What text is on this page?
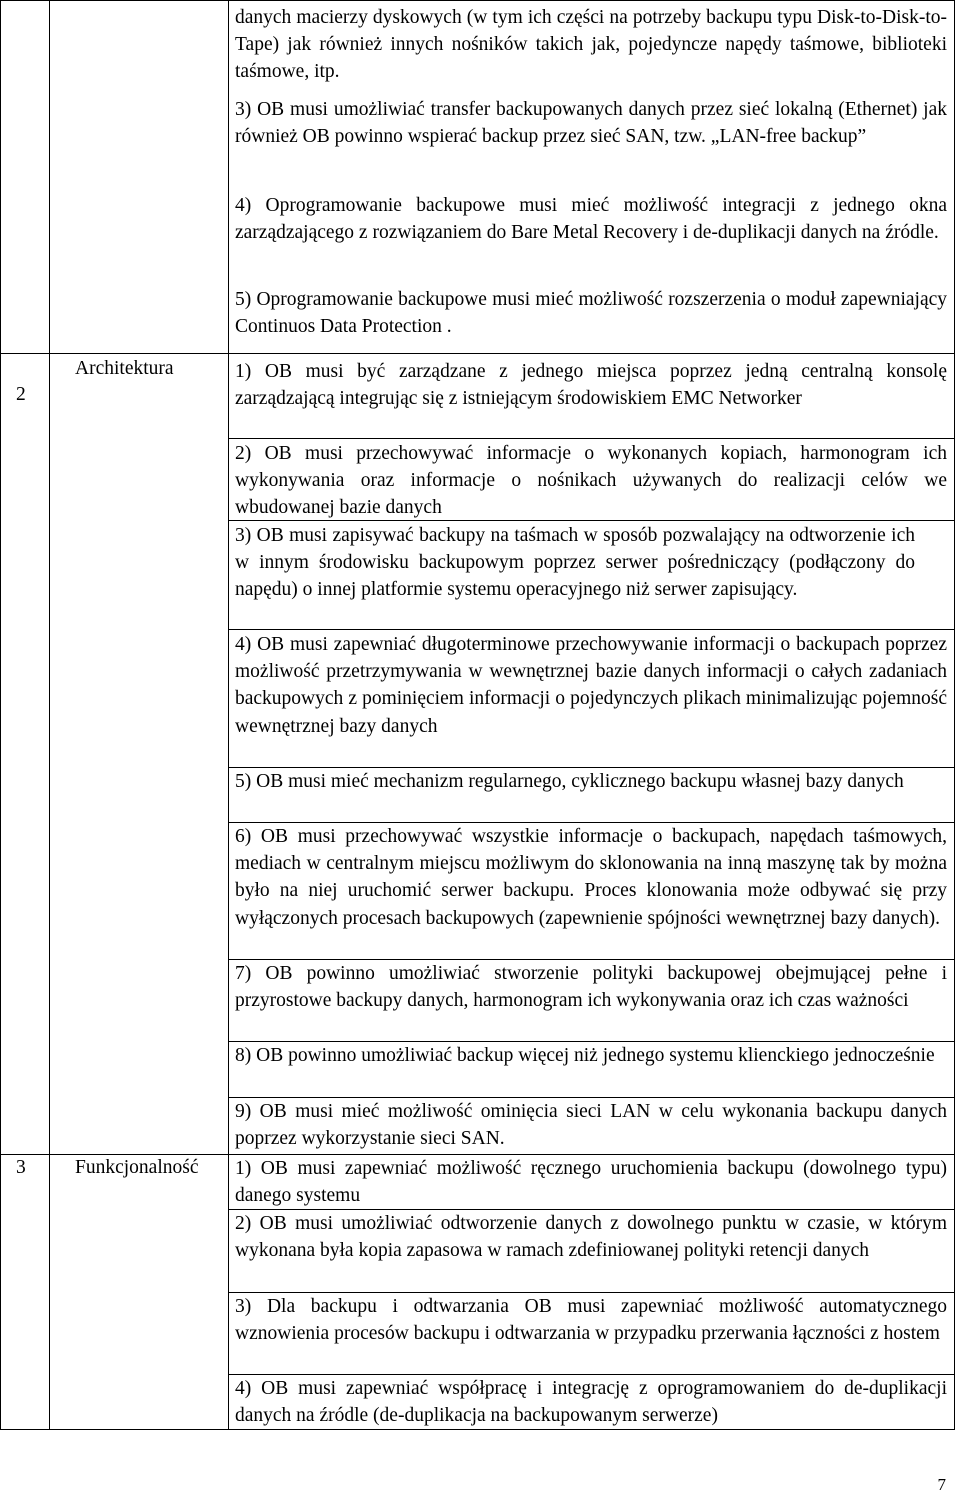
danych macierzy dyskowych (w tym ich części na potrzeby backupu typu Disk-to-Disk-to-Tape) jak również innych nośników takich jak, pojedyncze napędy taśmowe, biblioteki taśmowe, itp.

3) OB musi umożliwiać transfer backupowanych danych przez sieć lokalną (Ethernet) jak również OB powinno wspierać backup przez sieć SAN, tzw. „LAN-free backup”

4) Oprogramowanie backupowe musi mieć możliwość integracji z jednego okna zarządzającego z rozwiązaniem do Bare Metal Recovery i de-duplikacji danych na źródle.

5) Oprogramowanie backupowe musi mieć możliwość rozszerzenia o moduł zapewniający Continuos Data Protection .

2
Architektura	1) OB musi być zarządzane z jednego miejsca poprzez jedną centralną konsolę zarządzającą integrując się z istniejącym środowiskiem EMC Networker

2) OB musi przechowywać informacje o wykonanych kopiach, harmonogram ich wykonywania oraz informacje o nośnikach używanych do realizacji celów we wbudowanej bazie danych

3) OB musi zapisywać backupy na taśmach w sposób pozwalający na odtworzenie ich w innym środowisku backupowym poprzez serwer pośredniczący (podłączony do napędu) o innej platformie systemu operacyjnego niż serwer zapisujący.

4) OB musi zapewniać długoterminowe przechowywanie informacji o backupach poprzez możliwość przetrzymywania w wewnętrznej bazie danych informacji o całych zadaniach backupowych z pominięciem informacji o pojedynczych plikach minimalizując pojemność wewnętrznej bazy danych

5) OB musi mieć mechanizm regularnego, cyklicznego backupu własnej bazy danych

6) OB musi przechowywać wszystkie informacje o backupach, napędach taśmowych, mediach w centralnym miejscu możliwym do sklonowania na inną maszynę tak by można było na niej uruchomić serwer backupu. Proces klonowania może odbywać się przy wyłączonych procesach backupowych (zapewnienie spójności wewnętrznej bazy danych).

7) OB powinno umożliwiać stworzenie polityki backupowej obejmującej pełne i przyrostowe backupy danych, harmonogram ich wykonywania oraz ich czas ważności

8) OB powinno umożliwiać backup więcej niż jednego systemu klienckiego jednocześnie

9) OB musi mieć możliwość ominięcia sieci LAN w celu wykonania backupu danych poprzez wykorzystanie sieci SAN.

3	Funkcjonalność 1) OB musi zapewniać możliwość ręcznego uruchomienia backupu (dowolnego typu) danego systemu

2) OB musi umożliwiać odtworzenie danych z dowolnego punktu w czasie, w którym wykonana była kopia zapasowa w ramach zdefiniowanej polityki retencji danych

3) Dla backupu i odtwarzania OB musi zapewniać możliwość automatycznego wznowienia procesów backupu i odtwarzania w przypadku przerwania łączności z hostem

4) OB musi zapewniać współpracę i integrację z oprogramowaniem do de-duplikacji danych na źródle (de-duplikacja na backupowanym serwerze)

7
